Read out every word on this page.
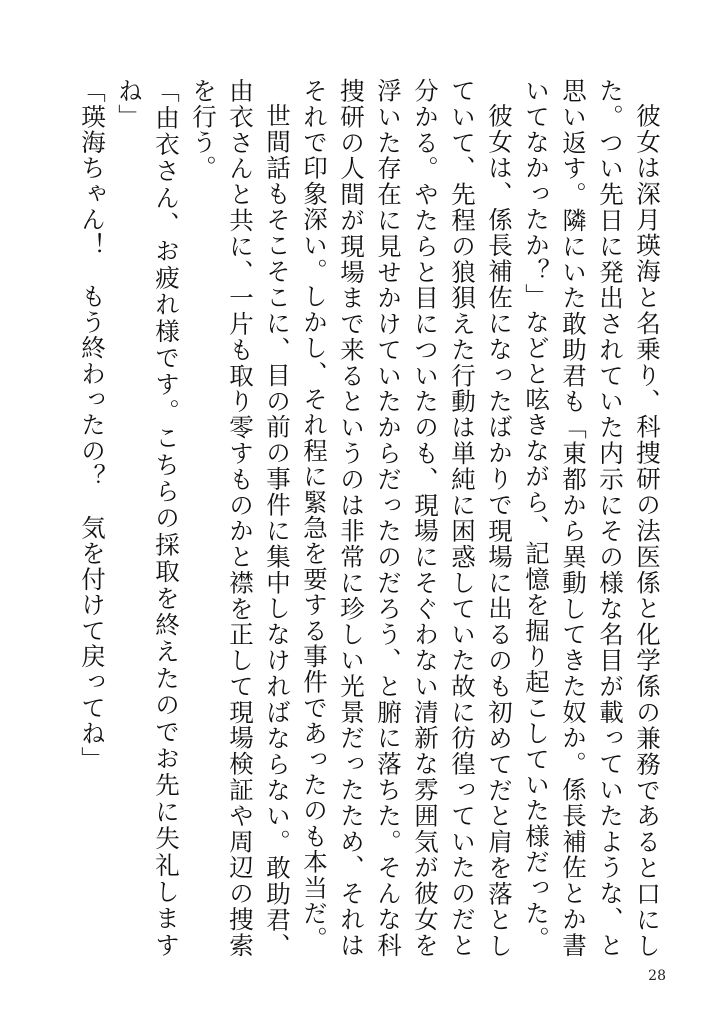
彼女は深月瑛海と名乗り、科捜研の法医係と化学係の兼務であると口にした。つい先日に発出されていた内示にその様な名目が載っていたような、と思い返す。隣にいた敢助君も「東都から異動してきた奴か。係長補佐とか書いてなかったか？」などと呟きながら、記憶を掘り起こしていた様だった。

彼女は、係長補佐になったばかりで現場に出るのも初めてだと肩を落としていて、先程の狼狽えた行動は単純に困惑していた故に彷徨っていたのだと分かる。やたらと目についたのも、現場にそぐわない清新な雰囲気が彼女を浮いた存在に見せかけていたからだったのだろう、と腑に落ちた。そんな科捜研の人間が現場まで来るというのは非常に珍しい光景だったため、それはそれで印象深い。しかし、それ程に緊急を要する事件であったのも本当だ。

世間話もそこそこに、目の前の事件に集中しなければならない。敢助君、由衣さんと共に、一片も取り零すものかと襟を正して現場検証や周辺の捜索を行う。

「由衣さん、お疲れ様です。こちらの採取を終えたのでお先に失礼しますね」

「瑛海ちゃん！　もう終わったの？　気を付けて戻ってね」

28
